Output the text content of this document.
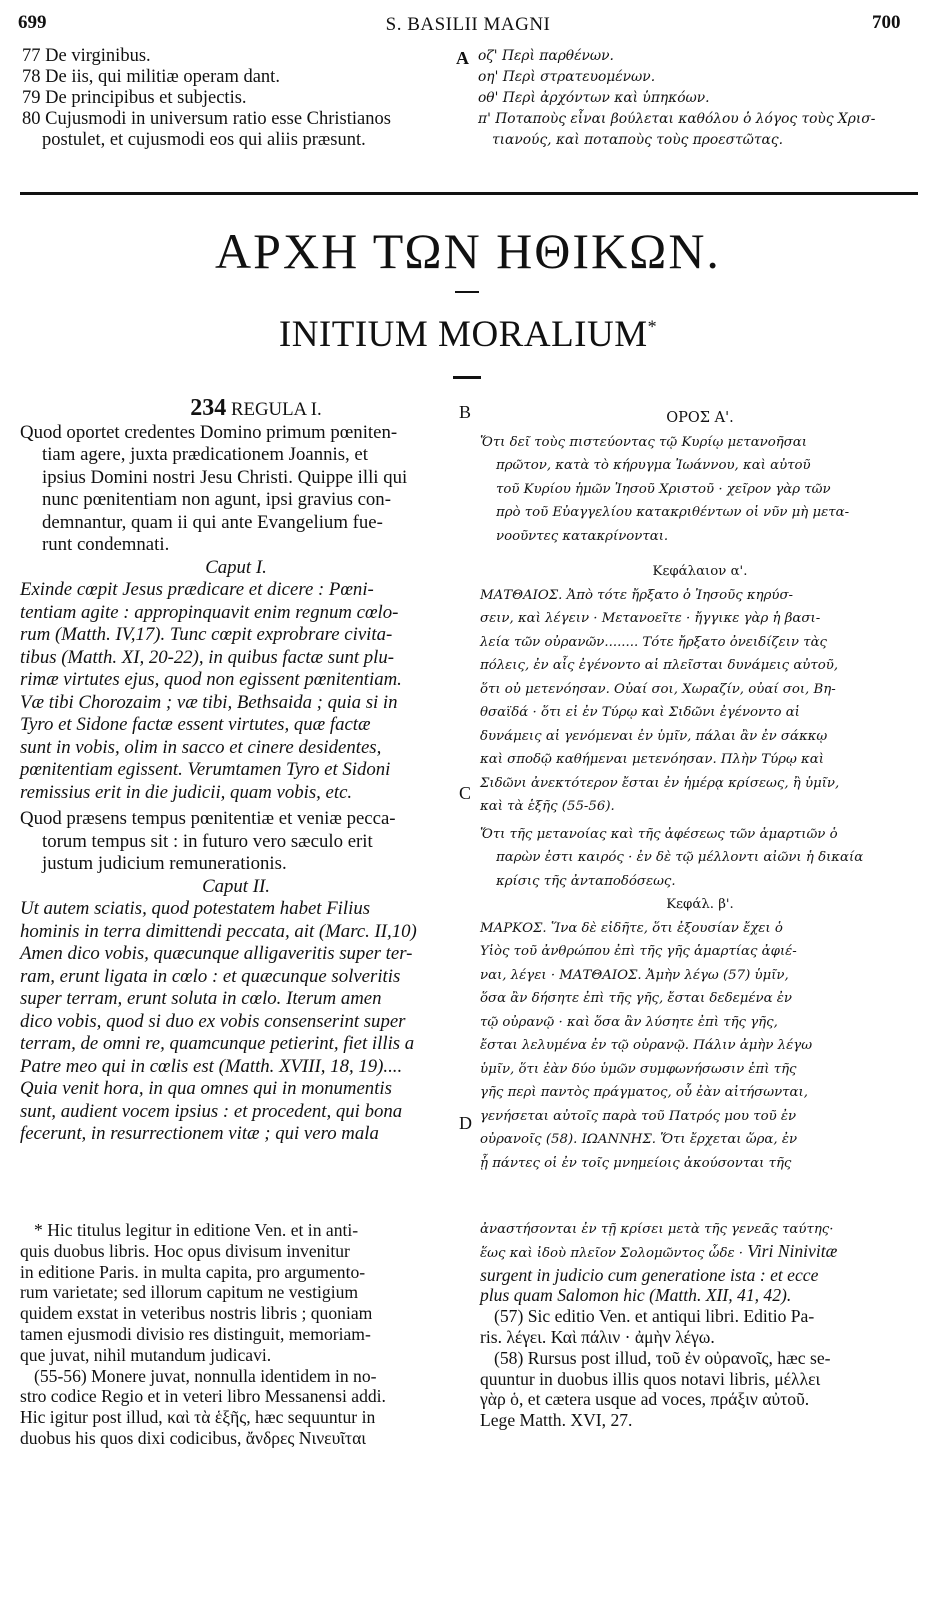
699	S. BASILII MAGNI	700
77 De virginibus.
78 De iis, qui militiæ operam dant.
79 De principibus et subjectis.
80 Cujusmodi in universum ratio esse Christianos
postulet, et cujusmodi eos qui aliis præsunt.
A οζ' Περὶ παρθένων.
οη' Περὶ στρατευομένων.
οθ' Περὶ ἀρχόντων καὶ ὑπηκόων.
π' Ποταποὺς εἶναι βούλεται καθόλου ὁ λόγος τοὺς Χρισ-
τιανούς, καὶ ποταποὺς τοὺς προεστῶτας.
ΑΡΧΗ ΤΩΝ ΗΘΙΚΩΝ.
INITIUM MORALIUM*
234 REGULA I.
Quod oportet credentes Domino primum pœniten-
tiam agere, juxta prædicationem Joannis, et
ipsius Domini nostri Jesu Christi. Quippe illi qui
nunc pœnitentiam non agunt, ipsi gravius con-
demnantur, quam ii qui ante Evangelium fue-
runt condemnati.
Caput I.
Exinde cœpit Jesus prædicare et dicere : Pœni-
tentiam agite : appropinquavit enim regnum cœlo-
rum (Matth. IV,17). Tunc cœpit exprobrare civita-
tibus (Matth. XI, 20-22), in quibus factæ sunt plu-
rimæ virtutes ejus, quod non egissent pœnitentiam.
Væ tibi Chorozaim ; væ tibi, Bethsaida ; quia si in
Tyro et Sidone factæ essent virtutes, quæ factæ
sunt in vobis, olim in sacco et cinere desidentes,
pœnitentiam egissent. Verumtamen Tyro et Sidoni
remissius erit in die judicii, quam vobis, etc.
Quod præsens tempus pœnitentiæ et veniæ pecca-
torum tempus sit : in futuro vero sæculo erit
justum judicium remunerationis.
Caput II.
Ut autem sciatis, quod potestatem habet Filius
hominis in terra dimittendi peccata, ait (Marc. II,10)
Amen dico vobis, quæcunque alligaveritis super ter-
ram, erunt ligata in cœlo : et quæcunque solveritis
super terram, erunt soluta in cœlo. Iterum amen
dico vobis, quod si duo ex vobis consenserint super
terram, de omni re, quamcunque petierint, fiet illis a
Patre meo qui in cœlis est (Matth. XVIII, 18, 19)....
Quia venit hora, in qua omnes qui in monumentis
sunt, audient vocem ipsius : et procedent, qui bona
fecerunt, in resurrectionem vitæ ; qui vero mala
B
C
D
ΟΡΟΣ Α'.
Ὅτι δεῖ τοὺς πιστεύοντας τῷ Κυρίῳ μετανοῆσαι
πρῶτον, κατὰ τὸ κήρυγμα Ἰωάννου, καὶ αὐτοῦ
τοῦ Κυρίου ἡμῶν Ἰησοῦ Χριστοῦ · χεῖρον γὰρ τῶν
πρὸ τοῦ Εὐαγγελίου κατακριθέντων οἱ νῦν μὴ μετα-
νοοῦντες κατακρίνονται.
Κεφάλαιον α'.
ΜΑΤΘΑΙΟΣ. Ἀπὸ τότε ἤρξατο ὁ Ἰησοῦς κηρύσ-
σειν, καὶ λέγειν · Μετανοεῖτε · ἤγγικε γὰρ ἡ βασι-
λεία τῶν οὐρανῶν........ Τότε ἤρξατο ὀνειδίζειν τὰς
πόλεις, ἐν αἷς ἐγένοντο αἱ πλεῖσται δυνάμεις αὐτοῦ,
ὅτι οὐ μετενόησαν. Οὐαί σοι, Χωραζίν, οὐαί σοι, Βη-
θσαϊδά · ὅτι εἰ ἐν Τύρῳ καὶ Σιδῶνι ἐγένοντο αἱ
δυνάμεις αἱ γενόμεναι ἐν ὑμῖν, πάλαι ἂν ἐν σάκκῳ
καὶ σποδῷ καθήμεναι μετενόησαν. Πλὴν Τύρῳ καὶ
Σιδῶνι ἀνεκτότερον ἔσται ἐν ἡμέρᾳ κρίσεως, ἢ ὑμῖν,
καὶ τὰ ἑξῆς (55-56).
Ὅτι τῆς μετανοίας καὶ τῆς ἀφέσεως τῶν ἁμαρτιῶν ὁ
παρὼν ἐστι καιρός · ἐν δὲ τῷ μέλλοντι αἰῶνι ἡ δικαία
κρίσις τῆς ἀνταποδόσεως.
Κεφάλ. β'.
ΜΑΡΚΟΣ. Ἵνα δὲ εἰδῆτε, ὅτι ἐξουσίαν ἔχει ὁ
Υἱὸς τοῦ ἀνθρώπου ἐπὶ τῆς γῆς ἁμαρτίας ἀφιέ-
ναι, λέγει · ΜΑΤΘΑΙΟΣ. Ἀμὴν λέγω (57) ὑμῖν,
ὅσα ἂν δήσητε ἐπὶ τῆς γῆς, ἔσται δεδεμένα ἐν
τῷ οὐρανῷ · καὶ ὅσα ἂν λύσητε ἐπὶ τῆς γῆς,
ἔσται λελυμένα ἐν τῷ οὐρανῷ. Πάλιν ἀμὴν λέγω
ὑμῖν, ὅτι ἐὰν δύο ὑμῶν συμφωνήσωσιν ἐπὶ τῆς
γῆς περὶ παντὸς πράγματος, οὗ ἐὰν αἰτήσωνται,
γενήσεται αὐτοῖς παρὰ τοῦ Πατρός μου τοῦ ἐν
οὐρανοῖς (58). ΙΩΑΝΝΗΣ. Ὅτι ἔρχεται ὥρα, ἐν
ᾗ πάντες οἱ ἐν τοῖς μνημείοις ἀκούσονται τῆς
* Hic titulus legitur in editione Ven. et in anti-
quis duobus libris. Hoc opus divisum invenitur
in editione Paris. in multa capita, pro argumento-
rum varietate; sed illorum capitum ne vestigium
quidem exstat in veteribus nostris libris ; quoniam
tamen ejusmodi divisio res distinguit, memoriam-
que juvat, nihil mutandum judicavi.
(55-56) Monere juvat, nonnulla identidem in no-
stro codice Regio et in veteri libro Messanensi addi.
Hic igitur post illud, καὶ τὰ ἑξῆς, hæc sequuntur in
duobus his quos dixi codicibus, ἄνδρες Νινευῖται
ἀναστήσονται ἐν τῇ κρίσει μετὰ τῆς γενεᾶς ταύτης·
ἕως καὶ ἰδοὺ πλεῖον Σολομῶντος ὧδε · Viri Ninivitæ
surgent in judicio cum generatione ista : et ecce
plus quam Salomon hic (Matth. XII, 41, 42).
(57) Sic editio Ven. et antiqui libri. Editio Pa-
ris. λέγει. Καὶ πάλιν · ἀμὴν λέγω.
(58) Rursus post illud, τοῦ ἐν οὐρανοῖς, hæc se-
quuntur in duobus illis quos notavi libris, μέλλει
γὰρ ὁ, et cætera usque ad voces, πράξιν αὐτοῦ.
Lege Matth. XVI, 27.
